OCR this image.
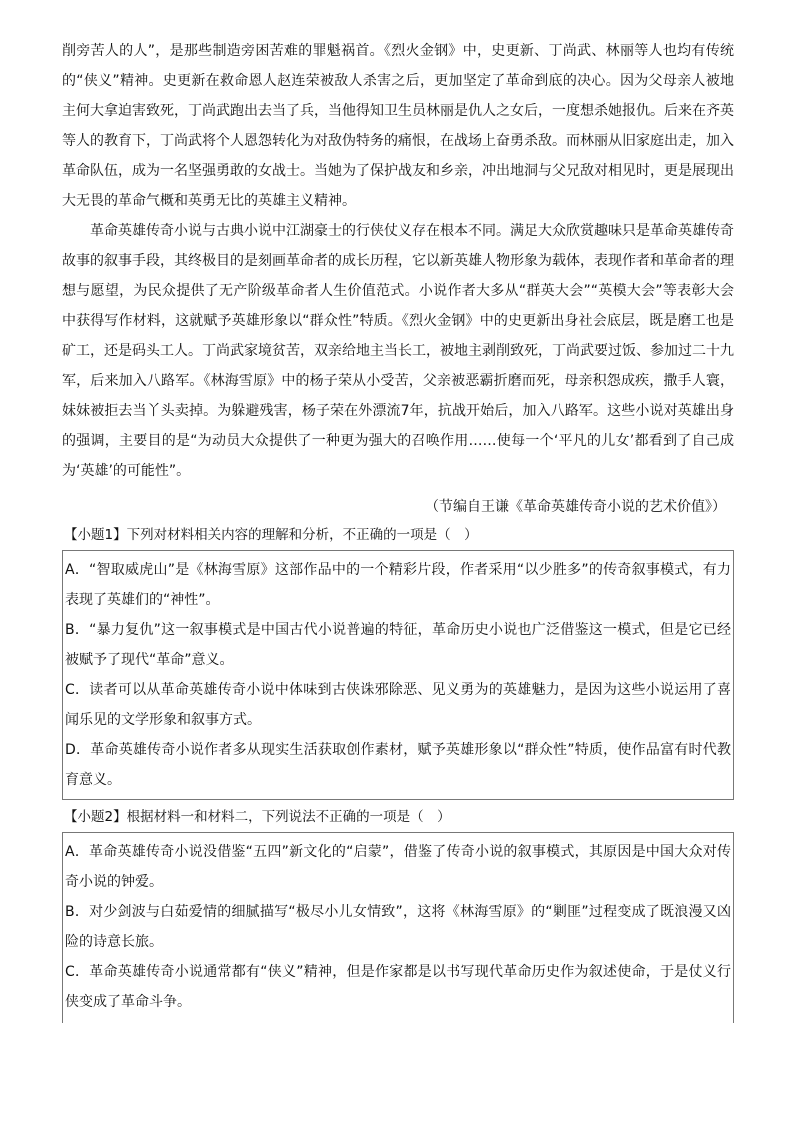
削旁苦人的人”，是那些制造旁困苦难的罪魁祸首。《烈火金钢》中，史更新、丁尚武、林丽等人也均有传统的“侠义”精神。史更新在救命恩人赵连荣被敌人杀害之后，更加坚定了革命到底的决心。因为父母亲人被地主何大拿迫害致死，丁尚武跑出去当了兵，当他得知卫生员林丽是仇人之女后，一度想杀她报仇。后来在齐英等人的教育下，丁尚武将个人恩怨转化为对敌伪特务的痛恨，在战场上奋勇杀敌。而林丽从旧家庭出走，加入革命队伍，成为一名坚强勇敢的女战士。当她为了保护战友和乡亲，冲出地洞与父兄敌对相见时，更是展现出大无畏的革命气概和英勇无比的英雄主义精神。

革命英雄传奇小说与古典小说中江湖豪士的行侠仗义存在根本不同。满足大众欣赏趣味只是革命英雄传奇故事的叙事手段，其终极目的是刻画革命者的成长历程，它以新英雄人物形象为载体，表现作者和革命者的理想与愿望，为民众提供了无产阶级革命者人生价值范式。小说作者大多从“群英大会”“英模大会”等表彰大会中获得写作材料，这就赋予英雄形象以“群众性”特质。《烈火金钢》中的史更新出身社会底层，既是磨工也是矿工，还是码头工人。丁尚武家境贫苦，双亲给地主当长工，被地主剥削致死，丁尚武要过饭、参加过二十九军，后来加入八路军。《林海雪原》中的杨子荣从小受苦，父亲被恶霸折磨而死，母亲积怨成疾，撒手人寰，妹妹被拒去当丫头卖掉。为躲避残害，杨子荣在外漂流7年，抗战开始后，加入八路军。这些小说对英雄出身的强调，主要目的是“为动员大众提供了一种更为强大的召唤作用……使每一个‘平凡的儿女’都看到了自己成为‘英雄’的可能性”。

（节编自王谦《革命英雄传奇小说的艺术价值》）

【小题1】下列对材料相关内容的理解和分析，不正确的一项是（　）

A．“智取威虎山”是《林海雪原》这部作品中的一个精彩片段，作者采用“以少胜多”的传奇叙事模式，有力表现了英雄们的“神性”。

B．“暴力复仇”这一叙事模式是中国古代小说普遍的特征，革命历史小说也广泛借鉴这一模式，但是它已经被赋予了现代“革命”意义。

C．读者可以从革命英雄传奇小说中体味到古侠诛邪除恶、见义勇为的英雄魅力，是因为这些小说运用了喜闻乐见的文学形象和叙事方式。

D．革命英雄传奇小说作者多从现实生活获取创作素材，赋予英雄形象以“群众性”特质，使作品富有时代教育意义。

【小题2】根据材料一和材料二，下列说法不正确的一项是（　）

A．革命英雄传奇小说没借鉴“五四”新文化的“启蒙”，借鉴了传奇小说的叙事模式，其原因是中国大众对传奇小说的钟爱。

B．对少剑波与白茹爱情的细腻描写“极尽小儿女情致”，这将《林海雪原》的“剿匪”过程变成了既浪漫又凶险的诗意长旅。

C．革命英雄传奇小说通常都有“侠义”精神，但是作家都是以书写现代革命历史作为叙述使命，于是仗义行侠变成了革命斗争。
